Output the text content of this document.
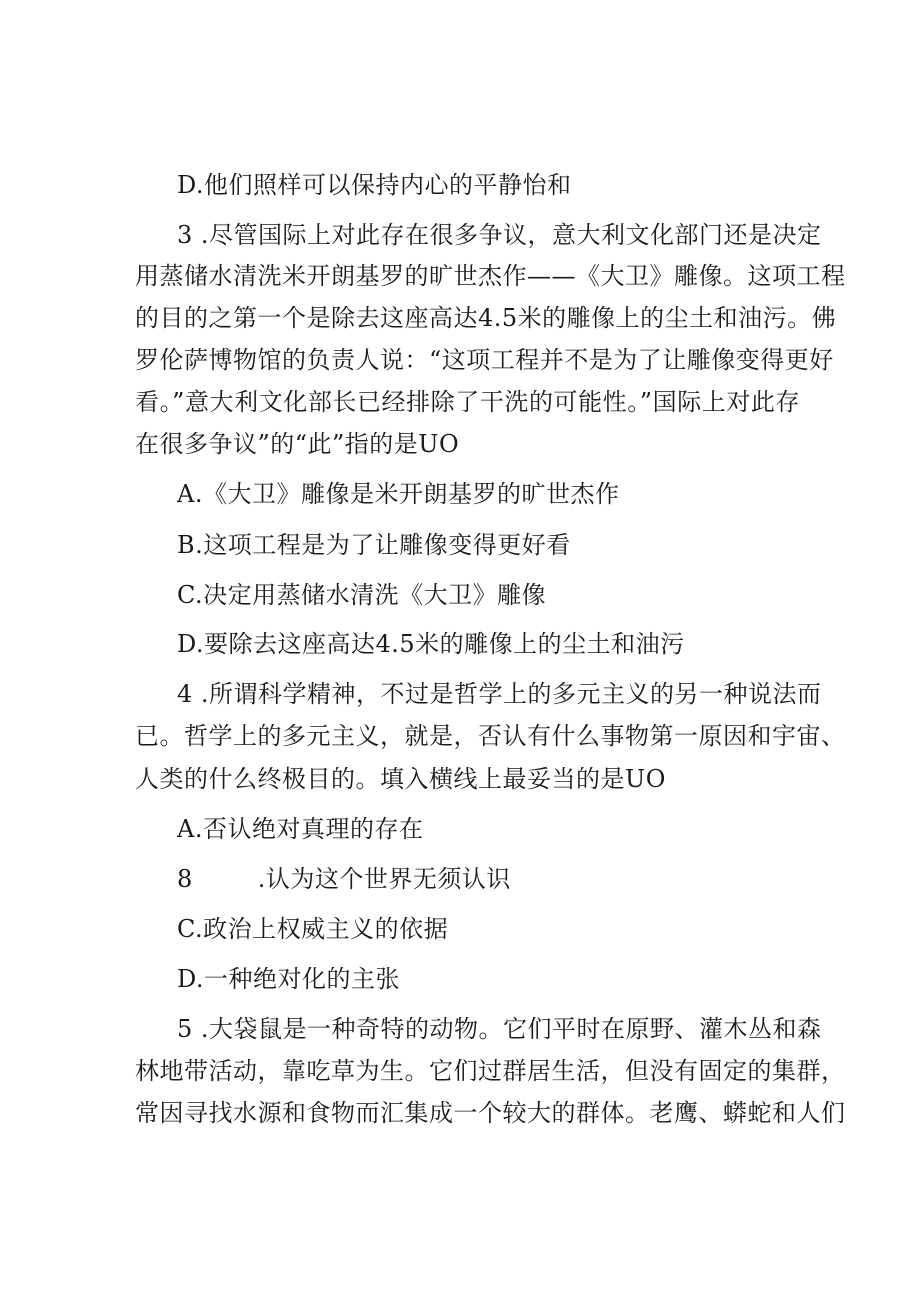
D.他们照样可以保持内心的平静怡和
3 .尽管国际上对此存在很多争议，意大利文化部门还是决定
用蒸储水清洗米开朗基罗的旷世杰作——《大卫》雕像。这项工程
的目的之第一个是除去这座高达4.5米的雕像上的尘土和油污。佛
罗伦萨博物馆的负责人说：“这项工程并不是为了让雕像变得更好
看。”意大利文化部长已经排除了干洗的可能性。”国际上对此存
在很多争议”的“此”指的是UO
A.《大卫》雕像是米开朗基罗的旷世杰作
B.这项工程是为了让雕像变得更好看
C.决定用蒸储水清洗《大卫》雕像
D.要除去这座高达4.5米的雕像上的尘土和油污
4 .所谓科学精神，不过是哲学上的多元主义的另一种说法而
已。哲学上的多元主义，就是，否认有什么事物第一原因和宇宙、
人类的什么终极目的。填入横线上最妥当的是UO
A.否认绝对真理的存在
8        .认为这个世界无须认识
C.政治上权威主义的依据
D.一种绝对化的主张
5 .大袋鼠是一种奇特的动物。它们平时在原野、灌木丛和森
林地带活动，靠吃草为生。它们过群居生活，但没有固定的集群，
常因寻找水源和食物而汇集成一个较大的群体。老鹰、蟒蛇和人们
